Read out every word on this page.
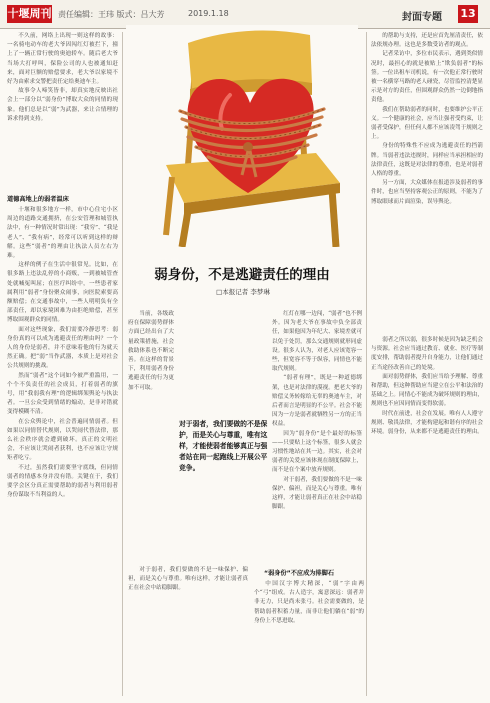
十堰周刊 责任编辑：王玮 版式：吕大芳	2019.1.18	封面专题 13

不久前，网络上出现一则这样的故事：一名骑电动车的老大爷因闯红灯被拦下，撞上了一辆正常行驶的奥迪轿车。随后老大爷当场大打呼叫，保险公司的人也被通知赶来，面对巨额的赔偿要求，老大爷以家境不好为由索求交警把责任定给奥迪车主。

故事令人啼笑皆非，却真实地反映出社会上一部分以“弱身份”博取大众的同情的现象。他们总是以“弱”为武器，来让合情理的诉求得到支持。

道德高地上的弱者温床

十堰和很多地方一样，市中心住宅小区周边的道路交通拥挤，在公安管理和城管执法中，有一种情况时常出现：“我穷”、“我是老人”、“我有病”，经常可以听到这样的辩解。这些“弱者”的理由让执法人员左右为难。

这样的例子在生活中很常见。比如，在很多路上违法乱停的小商贩，一到被城管查处就喊冤叫屈；在医疗纠纷中，一些患者家属利用“弱者”身份聚众闹事，向医院索要高额赔偿；在交通事故中，一些人明明负有全部责任，却以家境困难为由拒绝赔偿，甚至博取围观群众的同情。

面对这些现象，我们需要冷静思考：弱身份真的可以成为逃避责任的理由吗？一个人的身份是弱者，并不意味着他的行为就天然正确。把“弱”当作武器，本质上是对社会公共规则的挑战。

然而“弱者”这个词如今被严重滥用，一个个不负责任的社会成员，打着弱者的旗号，用“我弱我有理”的逻辑绑架舆论与执法者。一旦公众受到情绪的煽动，是非对错就变得模糊不清。

在公众舆论中，社会普遍同情弱者。但如果以同情替代规则，以哭闹代替法律，那么社会秩序就会遭到破坏。真正的文明社会，不应该让哭闹者获利，也不应该让守规矩者吃亏。

不过，虽然我们需要坚守底线，但同情弱者的情感本身并没有错。关键在于，我们要学会区分真正需要帮助的弱者与利用弱者身份谋取不当利益的人。

弱身份，不是逃避责任的理由
□本报记者 李梦琳

红灯在哪一边闯，“弱者”也不例外。因为老大爷在事故中负全部责任，如果他因为年纪大、家境差就可以免于处罚，那么交通规则就形同虚设。很多人认为，对老人应该宽容一些，但宽容不等于纵容，同情也不能取代规则。

“弱者有理”，既是一种道德绑架，也是对法律的漠视。把老大爷的赔偿义务转嫁给无辜的奥迪车主，对后者而言是明显的不公平。社会不能因为一方是弱者就牺牲另一方的正当权益。

因为“弱身份”是个最好的标签——只要贴上这个标签，很多人就会习惯性地站在其一边。其实，社会对弱者的关爱应该体现在制度保障上，而不是在个案中放弃规则。

对于弱者，我们要做的不是一味保护、偏袒，而是关心与尊重。唯有这样，才能让弱者真正在社会中站稳脚跟。

当前，各级政府在保障弱势群体方面已经出台了大量政策措施，社会救助体系也不断完善。在这样的背景下，利用弱者身份逃避责任的行为更加不可取。

对于弱者，我们要做的不是保护，而是关心与尊重，唯有这样，才能使弱者能够真正与强者站在同一起跑线上开展公平竞争。
“弱身份”不应成为排脚石

中国汉字博大精深，“弱”字由两个“弓”组成。古人造字，寓意深远：弱者并非无力，只是尚未张弓。社会需要做的，是帮助弱者积蓄力量，而非让他们躺在“弱”的身份上不思进取。

对于弱者，我们要做的不是一味保护、偏袒，而是关心与尊重。唯有这样，才能让弱者真正在社会中站稳脚跟。

的帮助与支持，还是应首先厘清责任，依法依规办理。这也是多数受访者的观点。

记者采访中，多位市民表示，遇到类似情况时，最担心的就是被贴上“欺负弱者”的标签。一位出租车司机说，有一次他正常行驶时被一名横穿马路的老人碰瓷，尽管监控清楚显示是对方的责任，但围观群众仍然一边倒地指责他。

我们在帮助弱者的同时，也要维护公平正义。一个健康的社会，应当让强者受约束，让弱者受保护，但任何人都不应该凌驾于规则之上。

身份的特殊性不应成为逃避责任的挡箭牌。当弱者违法违规时，同样应当承担相应的法律责任，这既是对法律的尊重，也是对弱者人格的尊重。

另一方面，大众媒体在报道涉及弱者的事件时，也应当坚持客观公正的原则，不能为了博取眼球而片面渲染，误导舆论。

弱者之所以弱，很多时候是因为缺乏机会与资源。社会应当通过教育、就业、医疗等制度安排，帮助弱者提升自身能力，让他们通过正当途径改善自己的处境。

面对弱势群体，我们应当给予理解、尊重和帮助，但这种帮助应当建立在公平和法治的基础之上。同情心不能成为破坏规则的理由，规则也不应因同情而变得软弱。

时代在前进，社会在发展。唯有人人遵守规则、敬畏法律，才能构建起和谐有序的社会环境。弱身份，从来都不是逃避责任的理由。
